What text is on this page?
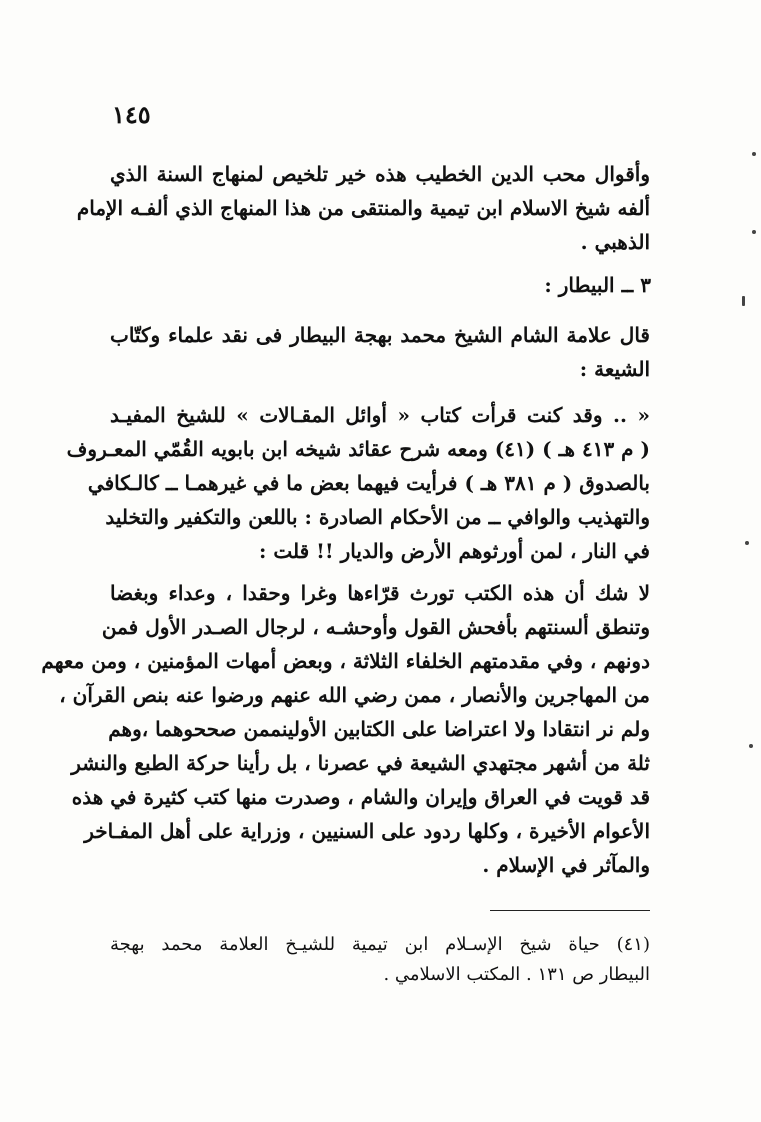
١٤٥
وأقوال محب الدين الخطيب هذه خير تلخيص لمنهاج السنة الذي
ألفه شيخ الاسلام ابن تيمية والمنتقى من هذا المنهاج الذي ألفـه الإمام
الذهبي .
٣ ــ البيطار :
قال علامة الشام الشيخ محمد بهجة البيطار فى نقد علماء وكتّاب
الشيعة :
« .. وقد كنت قرأت كتاب « أوائل المقـالات » للشيخ المفيـد
( م ٤١٣ هـ ) (٤١) ومعه شرح عقائد شيخه ابن بابويه القُمّي المعـروف
بالصدوق ( م ٣٨١ هـ ) فرأيت فيهما بعض ما في غيرهمـا ــ كالـكافي
والتهذيب والوافي ــ من الأحكام الصادرة : باللعن والتكفير والتخليد
في النار ، لمن أورثوهم الأرض والديار !! قلت :
لا شك أن هذه الكتب تورث قرّاءها وغرا وحقدا ، وعداء وبغضا
وتنطق ألسنتهم بأفحش القول وأوحشـه ، لرجال الصـدر الأول فمن
دونهم ، وفي مقدمتهم الخلفاء الثلاثة ، وبعض أمهات المؤمنين ، ومن معهم
من المهاجرين والأنصار ، ممن رضي الله عنهم ورضوا عنه بنص القرآن ،
ولم نر انتقادا ولا اعتراضا على الكتابين الأولينممن صححوهما ،وهم
ثلة من أشهر مجتهدي الشيعة في عصرنا ، بل رأينا حركة الطبع والنشر
قد قويت في العراق وإيران والشام ، وصدرت منها كتب كثيرة في هذه
الأعوام الأخيرة ، وكلها ردود على السنيين ، وزراية على أهل المفـاخر
والمآثر في الإسلام .
(٤١) حياة شيخ الإسـلام ابن تيمية للشيـخ العلامة محمد بهجة
البيطار ص ١٣١ . المكتب الاسلامي .
